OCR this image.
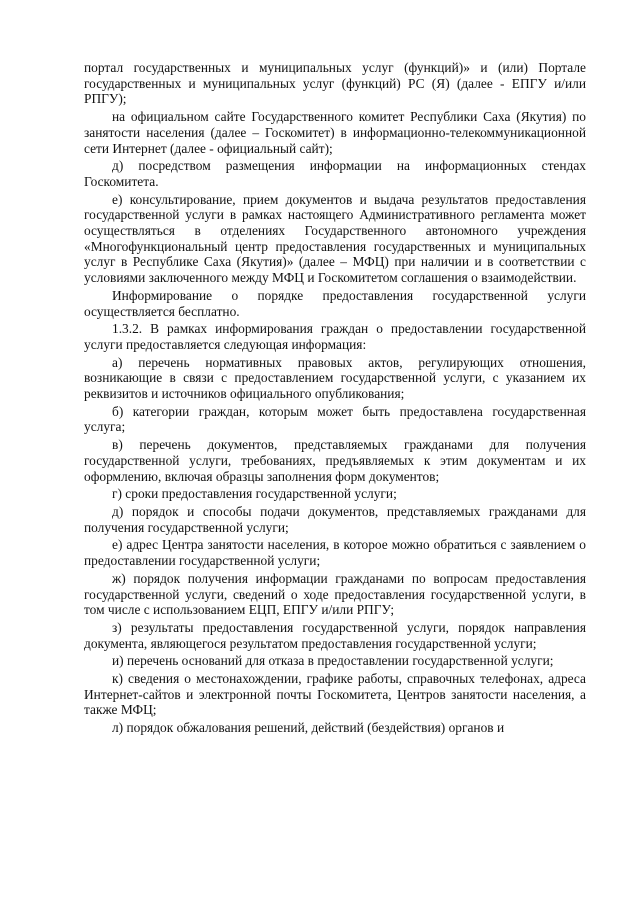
портал государственных и муниципальных услуг (функций)» и (или) Портале государственных и муниципальных услуг (функций) РС (Я) (далее - ЕПГУ и/или РПГУ);

на официальном сайте Государственного комитет Республики Саха (Якутия) по занятости населения (далее – Госкомитет) в информационно-телекоммуникационной сети Интернет (далее - официальный сайт);

д) посредством размещения информации на информационных стендах Госкомитета.

е) консультирование, прием документов и выдача результатов предоставления государственной услуги в рамках настоящего Административного регламента может осуществляться в отделениях Государственного автономного учреждения «Многофункциональный центр предоставления государственных и муниципальных услуг в Республике Саха (Якутия)» (далее – МФЦ) при наличии и в соответствии с условиями заключенного между МФЦ и Госкомитетом соглашения о взаимодействии.

Информирование о порядке предоставления государственной услуги осуществляется бесплатно.

1.3.2. В рамках информирования граждан о предоставлении государственной услуги предоставляется следующая информация:

а) перечень нормативных правовых актов, регулирующих отношения, возникающие в связи с предоставлением государственной услуги, с указанием их реквизитов и источников официального опубликования;

б) категории граждан, которым может быть предоставлена государственная услуга;

в) перечень документов, представляемых гражданами для получения государственной услуги, требованиях, предъявляемых к этим документам и их оформлению, включая образцы заполнения форм документов;

г) сроки предоставления государственной услуги;

д) порядок и способы подачи документов, представляемых гражданами для получения государственной услуги;

е) адрес Центра занятости населения, в которое можно обратиться с заявлением о предоставлении государственной услуги;

ж) порядок получения информации гражданами по вопросам предоставления государственной услуги, сведений о ходе предоставления государственной услуги, в том числе с использованием ЕЦП, ЕПГУ и/или РПГУ;

з) результаты предоставления государственной услуги, порядок направления документа, являющегося результатом предоставления государственной услуги;

и) перечень оснований для отказа в предоставлении государственной услуги;

к) сведения о местонахождении, графике работы, справочных телефонах, адреса Интернет-сайтов и электронной почты Госкомитета, Центров занятости населения, а также МФЦ;

л) порядок обжалования решений, действий (бездействия) органов и
